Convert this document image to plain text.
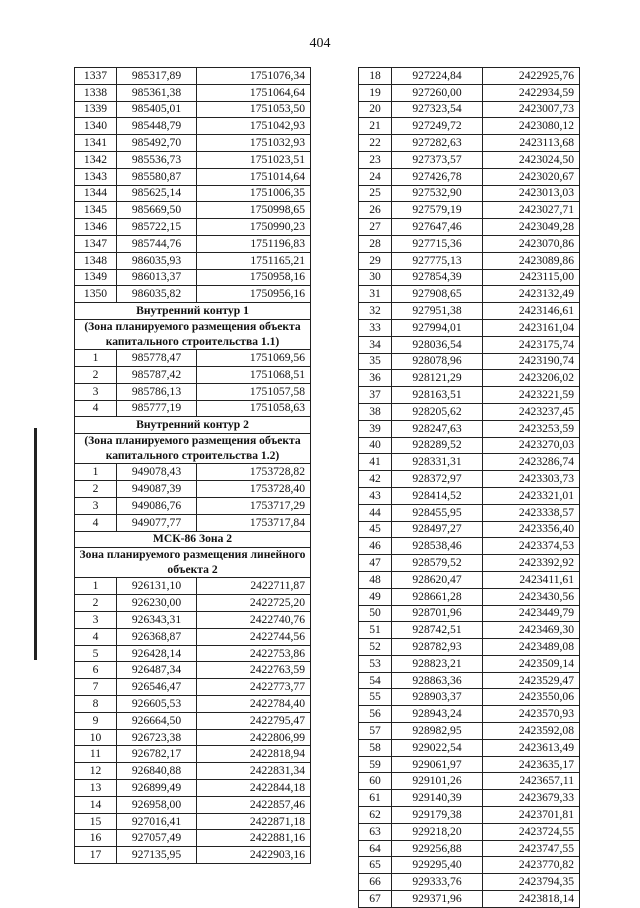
404
1337	985317,89	1751076,34
1338	985361,38	1751064,64
1339	985405,01	1751053,50
1340	985448,79	1751042,93
1341	985492,70	1751032,93
1342	985536,73	1751023,51
1343	985580,87	1751014,64
1344	985625,14	1751006,35
1345	985669,50	1750998,65
1346	985722,15	1750990,23
1347	985744,76	1751196,83
1348	986035,93	1751165,21
1349	986013,37	1750958,16
1350	986035,82	1750956,16
Внутренний контур 1		
(Зона планируемого размещения объекта капитального строительства 1.1)		
1	985778,47	1751069,56
2	985787,42	1751068,51
3	985786,13	1751057,58
4	985777,19	1751058,63
Внутренний контур 2		
(Зона планируемого размещения объекта капитального строительства 1.2)		
1	949078,43	1753728,82
2	949087,39	1753728,40
3	949086,76	1753717,29
4	949077,77	1753717,84
МСК-86 Зона 2		
Зона планируемого размещения линейного объекта 2		
1	926131,10	2422711,87
2	926230,00	2422725,20
3	926343,31	2422740,76
4	926368,87	2422744,56
5	926428,14	2422753,86
6	926487,34	2422763,59
7	926546,47	2422773,77
8	926605,53	2422784,40
9	926664,50	2422795,47
10	926723,38	2422806,99
11	926782,17	2422818,94
12	926840,88	2422831,34
13	926899,49	2422844,18
14	926958,00	2422857,46
15	927016,41	2422871,18
16	927057,49	2422881,16
17	927135,95	2422903,16
18	927224,84	2422925,76
19	927260,00	2422934,59
20	927323,54	2423007,73
21	927249,72	2423080,12
22	927282,63	2423113,68
23	927373,57	2423024,50
24	927426,78	2423020,67
25	927532,90	2423013,03
26	927579,19	2423027,71
27	927647,46	2423049,28
28	927715,36	2423070,86
29	927775,13	2423089,86
30	927854,39	2423115,00
31	927908,65	2423132,49
32	927951,38	2423146,61
33	927994,01	2423161,04
34	928036,54	2423175,74
35	928078,96	2423190,74
36	928121,29	2423206,02
37	928163,51	2423221,59
38	928205,62	2423237,45
39	928247,63	2423253,59
40	928289,52	2423270,03
41	928331,31	2423286,74
42	928372,97	2423303,73
43	928414,52	2423321,01
44	928455,95	2423338,57
45	928497,27	2423356,40
46	928538,46	2423374,53
47	928579,52	2423392,92
48	928620,47	2423411,61
49	928661,28	2423430,56
50	928701,96	2423449,79
51	928742,51	2423469,30
52	928782,93	2423489,08
53	928823,21	2423509,14
54	928863,36	2423529,47
55	928903,37	2423550,06
56	928943,24	2423570,93
57	928982,95	2423592,08
58	929022,54	2423613,49
59	929061,97	2423635,17
60	929101,26	2423657,11
61	929140,39	2423679,33
62	929179,38	2423701,81
63	929218,20	2423724,55
64	929256,88	2423747,55
65	929295,40	2423770,82
66	929333,76	2423794,35
67	929371,96	2423818,14
